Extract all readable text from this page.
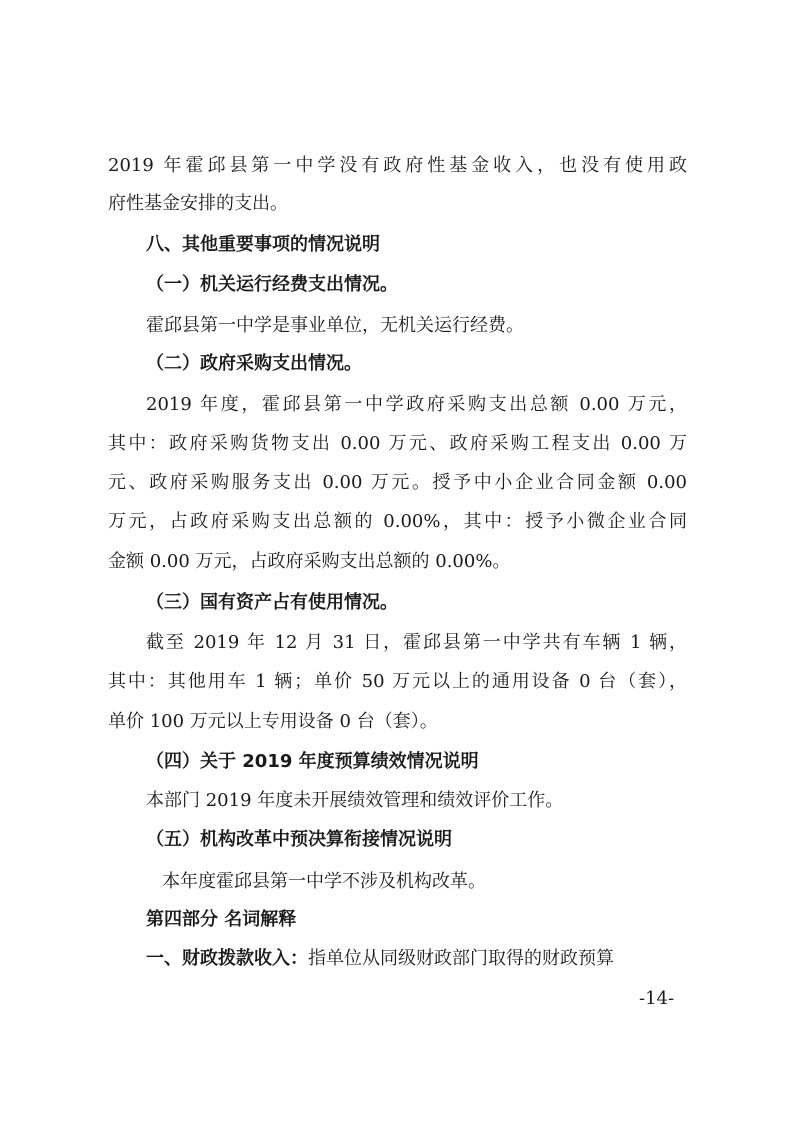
2019 年霍邱县第一中学没有政府性基金收入，也没有使用政
府性基金安排的支出。
八、其他重要事项的情况说明
（一）机关运行经费支出情况。
霍邱县第一中学是事业单位，无机关运行经费。
（二）政府采购支出情况。
2019 年度，霍邱县第一中学政府采购支出总额 0.00 万元，
其中：政府采购货物支出 0.00 万元、政府采购工程支出 0.00 万
元、政府采购服务支出 0.00 万元。授予中小企业合同金额 0.00
万元，占政府采购支出总额的 0.00%，其中：授予小微企业合同
金额 0.00 万元，占政府采购支出总额的 0.00%。
（三）国有资产占有使用情况。
截至 2019 年 12 月 31 日，霍邱县第一中学共有车辆 1 辆，
其中：其他用车 1 辆；单价 50 万元以上的通用设备 0 台（套），
单价 100 万元以上专用设备 0 台（套）。
（四）关于 2019 年度预算绩效情况说明
本部门 2019 年度未开展绩效管理和绩效评价工作。
（五）机构改革中预决算衔接情况说明
本年度霍邱县第一中学不涉及机构改革。
第四部分 名词解释
一、财政拨款收入：指单位从同级财政部门取得的财政预算
-14-
